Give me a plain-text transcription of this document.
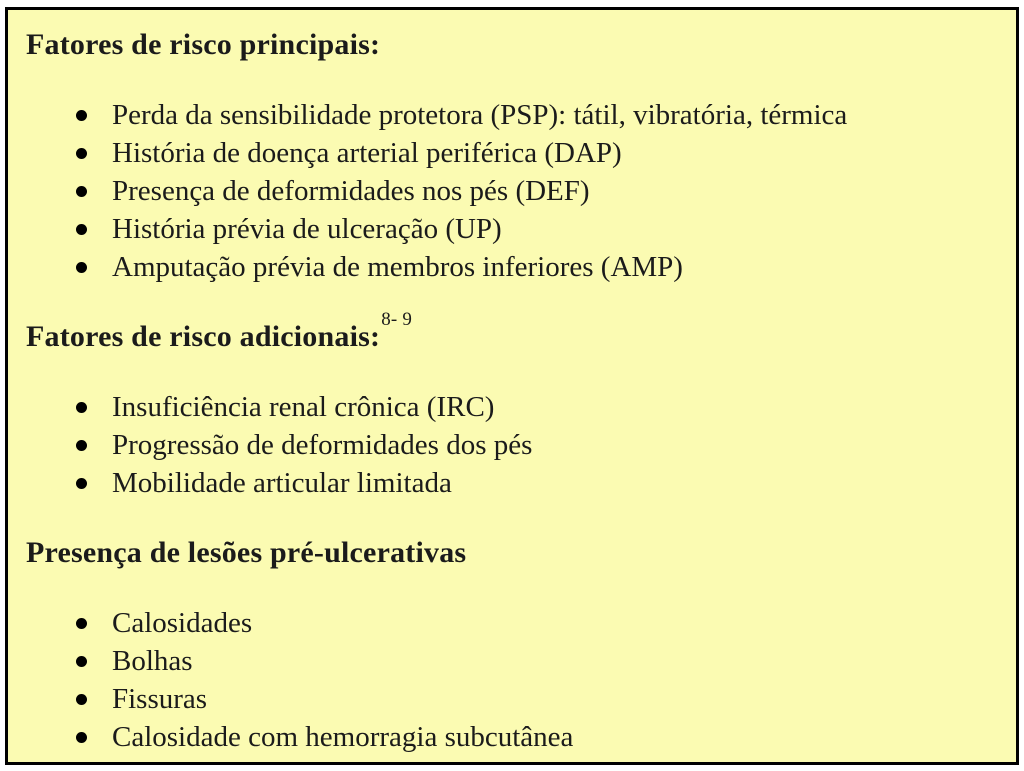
Fatores de risco principais:
Perda da sensibilidade protetora (PSP): tátil, vibratória, térmica
História de doença arterial periférica (DAP)
Presença de deformidades nos pés (DEF)
História prévia de ulceração (UP)
Amputação prévia de membros inferiores (AMP)
Fatores de risco adicionais:$^{8- 9}$
Insuficiência renal crônica (IRC)
Progressão de deformidades dos pés
Mobilidade articular limitada
Presença de lesões pré-ulcerativas
Calosidades
Bolhas
Fissuras
Calosidade com hemorragia subcutânea
